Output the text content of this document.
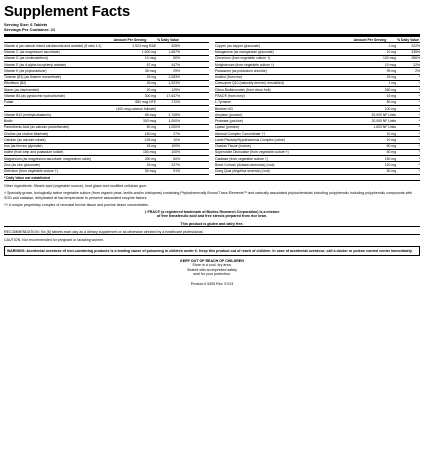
Supplement Facts
Serving Size: 6 Tablets
Servings Per Container: 21
Amount Per Serving	% Daily Value
Vitamin A (as natural mixed carotenoids and acetate) (8 ratio 1:1)	2,923 mcg RAE	325%
Vitamin C (as magnesium ascorbate)	1,500 mg	1,667%
Vitamin D (as cholecalciferol)	10 mcg	50%
Vitamin E (as d-alpha tocopheryl acetate)	67 mg	447%
Vitamin K (as phytonadione)	35 mcg	29%
Thiamin (B1) (as thiamin mononitrate)	25 mg	2,083%
Riboflavin (B2)	25 mg	1,923%
Niacin (as niacinamide)	20 mg	125%
Vitamin B6 (as pyridoxine hydrochloride)	300 mg	17,647%
Folate	680 mcg DFE	170%
(400 mcg calcium folinate)
Vitamin B12 (methylcobalamin)	65 mcg	2,708%
Biotin	300 mcg	1,000%
Pantothenic Acid (as calcium pantothenate)	50 mg	1,000%
Choline (as choline bitartrate)	150 mg	27%
Calcium (as calcium citrate)	125 mg	10%
Iron (as ferrous glycinate)	18 mg	100%
Iodine (from kelp and potassium iodide)	150 mcg	100%
Magnesium (as magnesium ascorbate, magnesium oxide)	250 mg	60%
Zinc (as zinc gluconate)	25 mg	227%
Selenium (from vegetable culture †)	50 mcg	91%
Amount Per Serving	% Daily Value
Copper (as copper gluconate)	2 mg	222%
Manganese (as manganese gluconate)	10 mg	435%
Chromium (from vegetable culture †)	100 mcg	286%
Molybdenum (from vegetable culture †)	10 mcg	22%
Potassium (as potassium chloride)	99 mg	2%
Inositol (from rice)	25 mg	*
Coenzyme Q10 (naturally derived, emulsified)	1 mg	*
Citrus Bioflavonoids (from citrus fruit)	250 mg	*
FRAC® (from rice)‡	15 mg	*
L-Tyrosine	50 mg	*
Betaine HCl	100 mg	*
Amylase (porcine)	20,000 NF Units	*
Protease (porcine)	20,000 NF Units	*
Lipase (porcine)	1,600 NF Units	*
Adrenal Complex Concentrate ††	10 mg	*
Lamb Pituitary/Hypothalamus Complex (ovine)	10 mg	*
Ovarian Tissue (bovine)	50 mg	*
Superoxide Dismutase (from vegetable culture †)	50 mg	*
Catalase (from vegetable culture †)	150 mg	*
Black Cohosh (Actaea racemosa) (root)	120 mg	*
Dong Quai (Angelica sinensis) (root)	60 mg	*
* Daily Value not established
Other ingredients: Stearic acid (vegetable source), food glaze and modified cellulose gum.
† Specially grown, biologically active vegetable culture (from organic peas, lentils and/or chickpeas) containing Phytochemically Bound Trace Elements™ and naturally associated phytochemicals including polyphenolic including polyphenolic compounds with SOD and catalase, dehydrated at low temperature to preserve associated enzyme factors.
†† A unique proprietary complex of neonatal bovine tissue and porcine tissue concentrates.
‡ FRAC® (a registered trademark of Biotics Research Corporation) is a mixture
of free transferulic acid and free sterols prepared from rice bran.
This product is gluten and dairy free.
RECOMMENDATION: Six (6) tablets each day as a dietary supplement or as otherwise directed by a healthcare professional.
CAUTION: Not recommended for pregnant or lactating women.
WARNING: Accidental overdose of iron-containing products is a leading cause of poisoning in children under 6. Keep this product out of reach of children. In case of accidental overdose, call a doctor or poison control center immediately.
KEEP OUT OF REACH OF CHILDREN
Store in a cool, dry area.
Sealed with an imprinted safety
seal for your protection.
Product # 5305 Rev. 07/24
